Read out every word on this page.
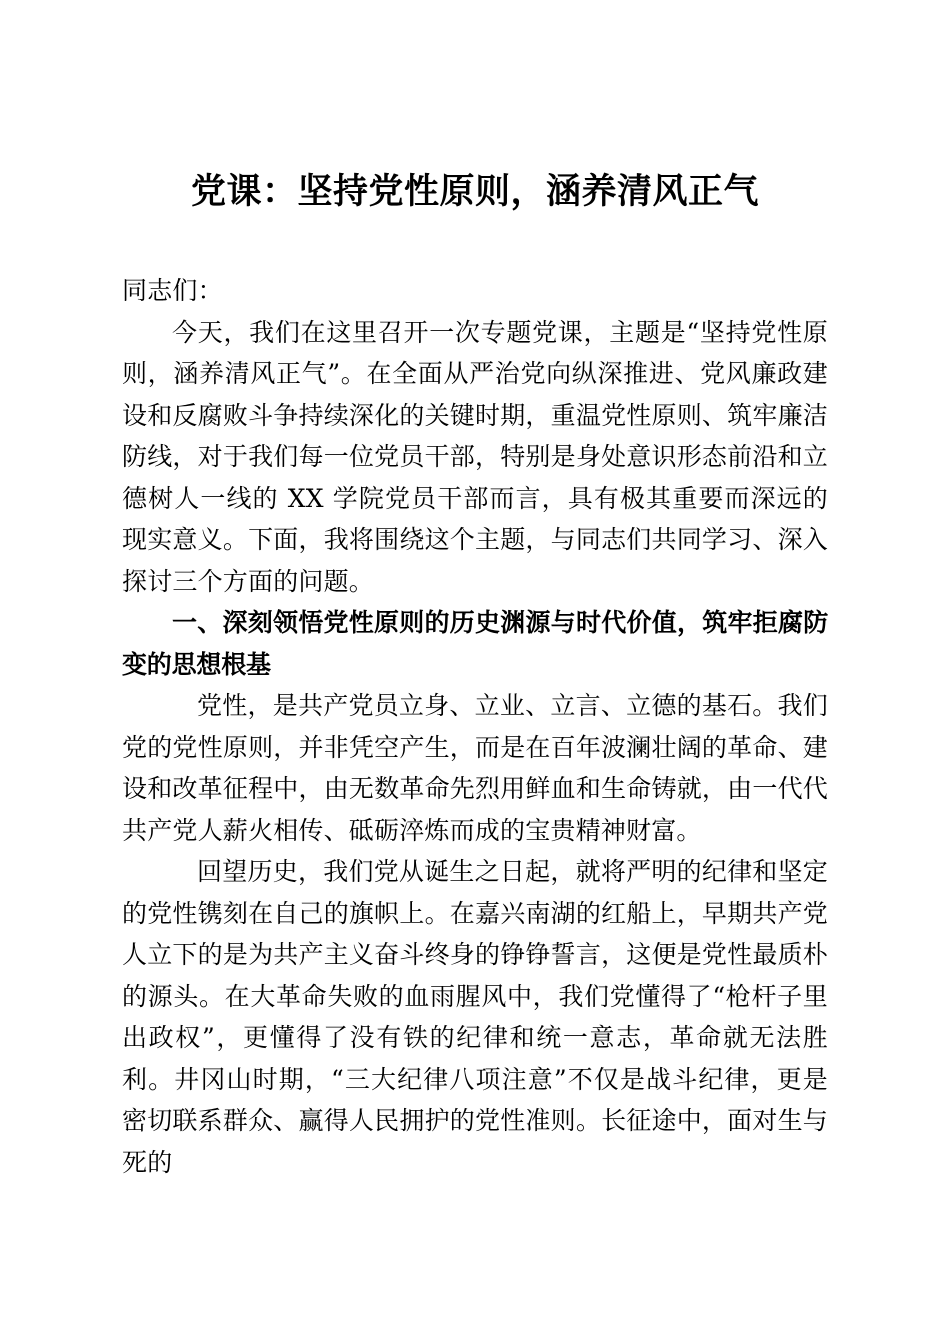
党课：坚持党性原则，涵养清风正气

同志们：

今天，我们在这里召开一次专题党课，主题是“坚持党性原则，涵养清风正气”。在全面从严治党向纵深推进、党风廉政建设和反腐败斗争持续深化的关键时期，重温党性原则、筑牢廉洁防线，对于我们每一位党员干部，特别是身处意识形态前沿和立德树人一线的 XX 学院党员干部而言，具有极其重要而深远的现实意义。下面，我将围绕这个主题，与同志们共同学习、深入探讨三个方面的问题。

一、深刻领悟党性原则的历史渊源与时代价值，筑牢拒腐防变的思想根基

党性，是共产党员立身、立业、立言、立德的基石。我们党的党性原则，并非凭空产生，而是在百年波澜壮阔的革命、建设和改革征程中，由无数革命先烈用鲜血和生命铸就，由一代代共产党人薪火相传、砥砺淬炼而成的宝贵精神财富。

回望历史，我们党从诞生之日起，就将严明的纪律和坚定的党性镌刻在自己的旗帜上。在嘉兴南湖的红船上，早期共产党人立下的是为共产主义奋斗终身的铮铮誓言，这便是党性最质朴的源头。在大革命失败的血雨腥风中，我们党懂得了“枪杆子里出政权”，更懂得了没有铁的纪律和统一意志，革命就无法胜利。井冈山时期，“三大纪律八项注意”不仅是战斗纪律，更是密切联系群众、赢得人民拥护的党性准则。长征途中，面对生与死的
